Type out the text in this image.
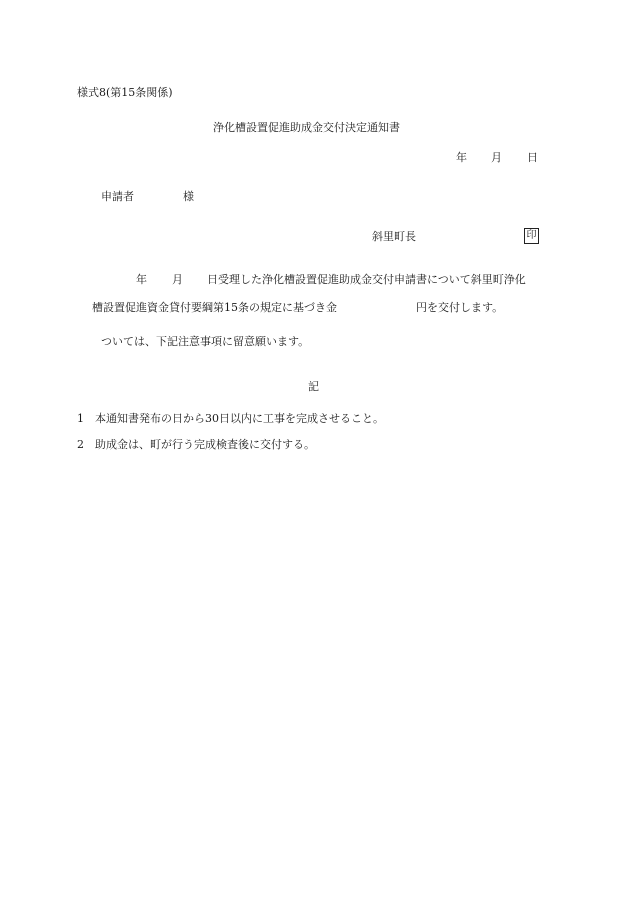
様式8(第15条関係)
浄化槽設置促進助成金交付決定通知書
年 月 日
申請者	様
斜里町長	印
年 月 日受理した浄化槽設置促進助成金交付申請書について斜里町浄化
槽設置促進資金貸付要綱第15条の規定に基づき金	円を交付します。
ついては、下記注意事項に留意願います。
記
1 本通知書発布の日から30日以内に工事を完成させること。
2 助成金は、町が行う完成検査後に交付する。
